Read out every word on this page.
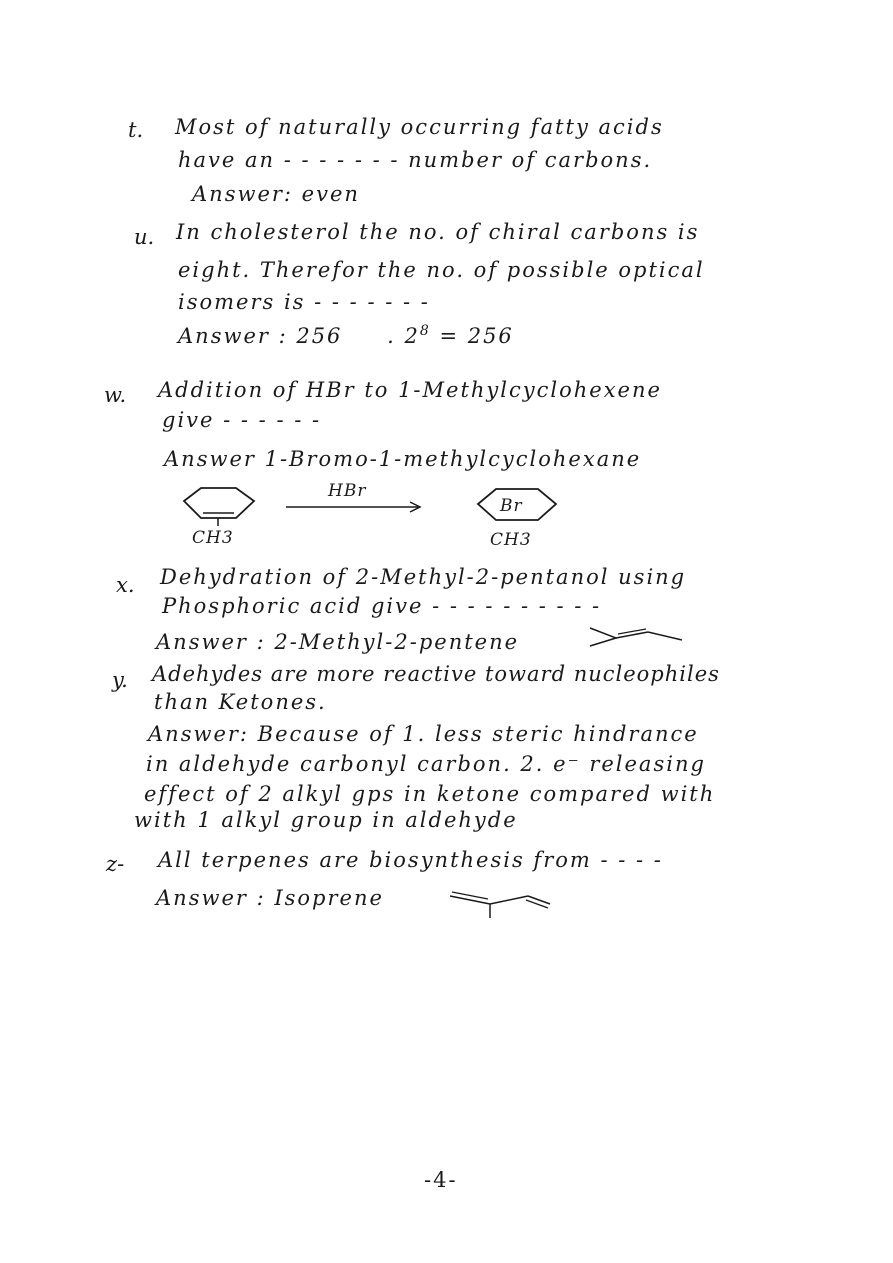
t. Most of naturally occurring fatty acids
have an - - - - - - - number of carbons.
Answer: even
u. In cholesterol the no. of chiral carbons is
eight. Therefor the no. of possible optical
isomers is - - - - - - -
Answer : 256 . $2^8 = 256$
w. Addition of HBr to 1-Methylcyclohexene
give - - - - - -
Answer 1-Bromo-1-methylcyclohexane
CH3
HBr
Br
CH3
x. Dehydration of 2-Methyl-2-pentanol using
Phosphoric acid give - - - - - - - - - -
Answer : 2-Methyl-2-pentene
y. Adehydes are more reactive toward nucleophiles
than Ketones.
Answer: Because of 1. less steric hindrance
in aldehyde carbonyl carbon. 2. e⁻ releasing
effect of 2 alkyl gps in ketone compared with
with 1 alkyl group in aldehyde
z- All terpenes are biosynthesis from - - - -
Answer : Isoprene
-4-
